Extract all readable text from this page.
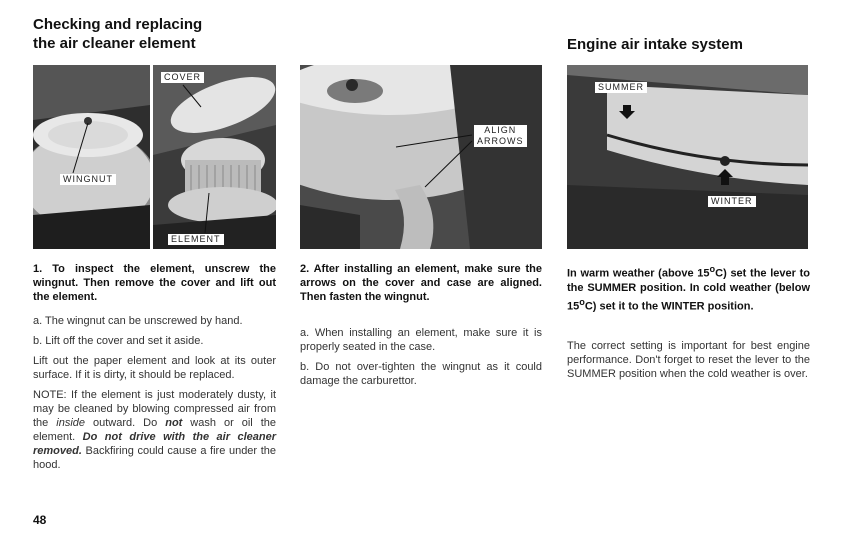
Checking and replacing
the air cleaner element	Engine air intake system
WINGNUT
COVER
ELEMENT
ALIGN
ARROWS
SUMMER
WINTER

1. To inspect the element, unscrew the wingnut. Then remove the cover and lift out the element.

a. The wingnut can be unscrewed by hand.

b. Lift off the cover and set it aside.

Lift out the paper element and look at its outer surface. If it is dirty, it should be replaced.

NOTE: If the element is just moderately dusty, it may be cleaned by blowing compressed air from the inside outward. Do not wash or oil the element. Do not drive with the air cleaner removed. Backfiring could cause a fire under the hood.

2. After installing an element, make sure the arrows on the cover and case are aligned. Then fasten the wingnut.

a. When installing an element, make sure it is properly seated in the case.

b. Do not over-tighten the wingnut as it could damage the carburettor.

In warm weather (above 15$^o$C) set the lever to the SUMMER position. In cold weather (below 15$^o$C) set it to the WINTER position.

The correct setting is important for best engine performance. Don't forget to reset the lever to the SUMMER position when the cold weather is over.

48
